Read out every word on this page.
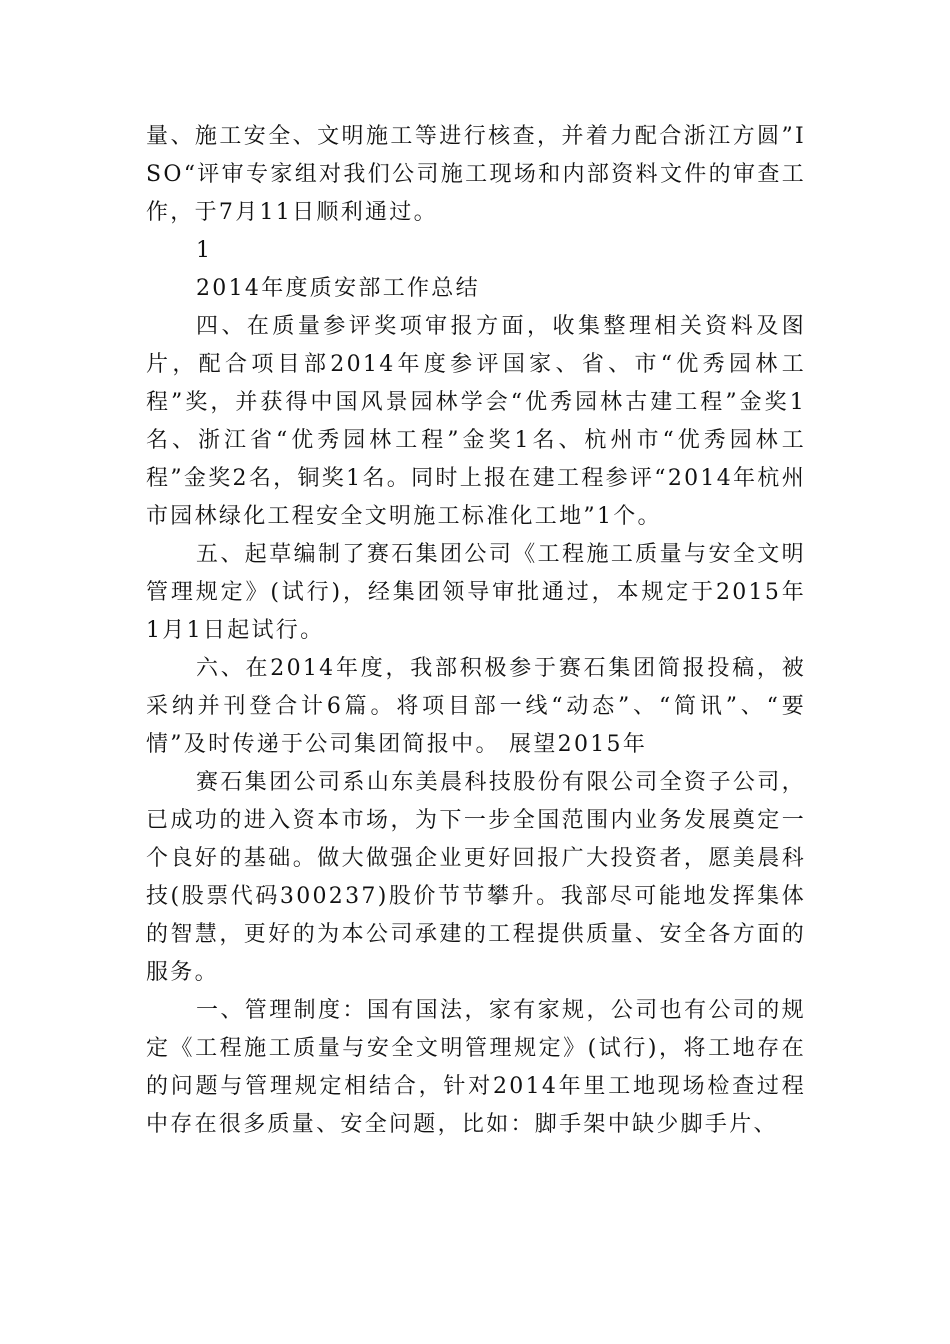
量、施工安全、文明施工等进行核查，并着力配合浙江方圆”ISO“评审专家组对我们公司施工现场和内部资料文件的审查工作，于7月11日顺利通过。

1

2014年度质安部工作总结

四、在质量参评奖项审报方面，收集整理相关资料及图片，配合项目部2014年度参评国家、省、市“优秀园林工程”奖，并获得中国风景园林学会“优秀园林古建工程”金奖1名、浙江省“优秀园林工程”金奖1名、杭州市“优秀园林工程”金奖2名，铜奖1名。同时上报在建工程参评“2014年杭州市园林绿化工程安全文明施工标准化工地”1个。

五、起草编制了赛石集团公司《工程施工质量与安全文明管理规定》(试行)，经集团领导审批通过，本规定于2015年1月1日起试行。

六、在2014年度，我部积极参于赛石集团简报投稿，被采纳并刊登合计6篇。将项目部一线“动态”、“简讯”、“要情”及时传递于公司集团简报中。 展望2015年

赛石集团公司系山东美晨科技股份有限公司全资子公司，已成功的进入资本市场，为下一步全国范围内业务发展奠定一个良好的基础。做大做强企业更好回报广大投资者，愿美晨科技(股票代码300237)股价节节攀升。我部尽可能地发挥集体的智慧，更好的为本公司承建的工程提供质量、安全各方面的服务。

一、管理制度：国有国法，家有家规，公司也有公司的规定《工程施工质量与安全文明管理规定》(试行)，将工地存在的问题与管理规定相结合，针对2014年里工地现场检查过程中存在很多质量、安全问题，比如：脚手架中缺少脚手片、
